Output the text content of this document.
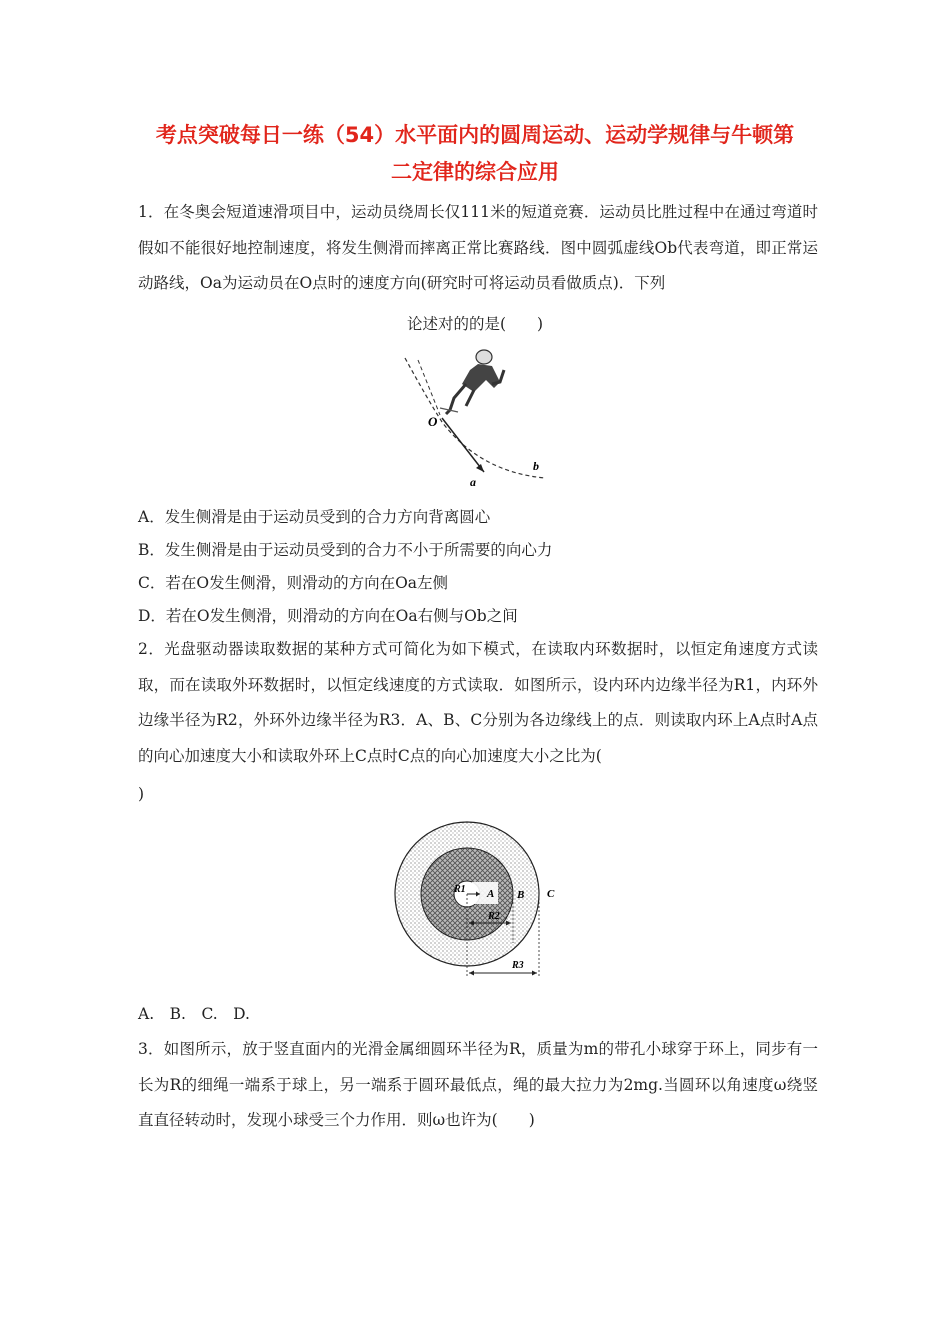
考点突破每日一练（54）水平面内的圆周运动、运动学规律与牛顿第
二定律的综合应用
1．在冬奥会短道速滑项目中，运动员绕周长仅111米的短道竞赛．运动员比胜过程中在通过弯道时假如不能很好地控制速度，将发生侧滑而摔离正常比赛路线．图中圆弧虚线Ob代表弯道，即正常运动路线，Oa为运动员在O点时的速度方向(研究时可将运动员看做质点)．下列
论述对的的是(　　)
O
a
b
A．发生侧滑是由于运动员受到的合力方向背离圆心
B．发生侧滑是由于运动员受到的合力不小于所需要的向心力
C．若在O发生侧滑，则滑动的方向在Oa左侧
D．若在O发生侧滑，则滑动的方向在Oa右侧与Ob之间
2．光盘驱动器读取数据的某种方式可简化为如下模式，在读取内环数据时，以恒定角速度方式读取，而在读取外环数据时，以恒定线速度的方式读取．如图所示，设内环内边缘半径为R1，内环外边缘半径为R2，外环外边缘半径为R3．A、B、C分别为各边缘线上的点．则读取内环上A点时A点的向心加速度大小和读取外环上C点时C点的向心加速度大小之比为(
)
R1 A
R2
B C
R3
A.　B.　C.　D.
3．如图所示，放于竖直面内的光滑金属细圆环半径为R，质量为m的带孔小球穿于环上，同步有一长为R的细绳一端系于球上，另一端系于圆环最低点，绳的最大拉力为2mg.当圆环以角速度ω绕竖直直径转动时，发现小球受三个力作用．则ω也许为(　　)
